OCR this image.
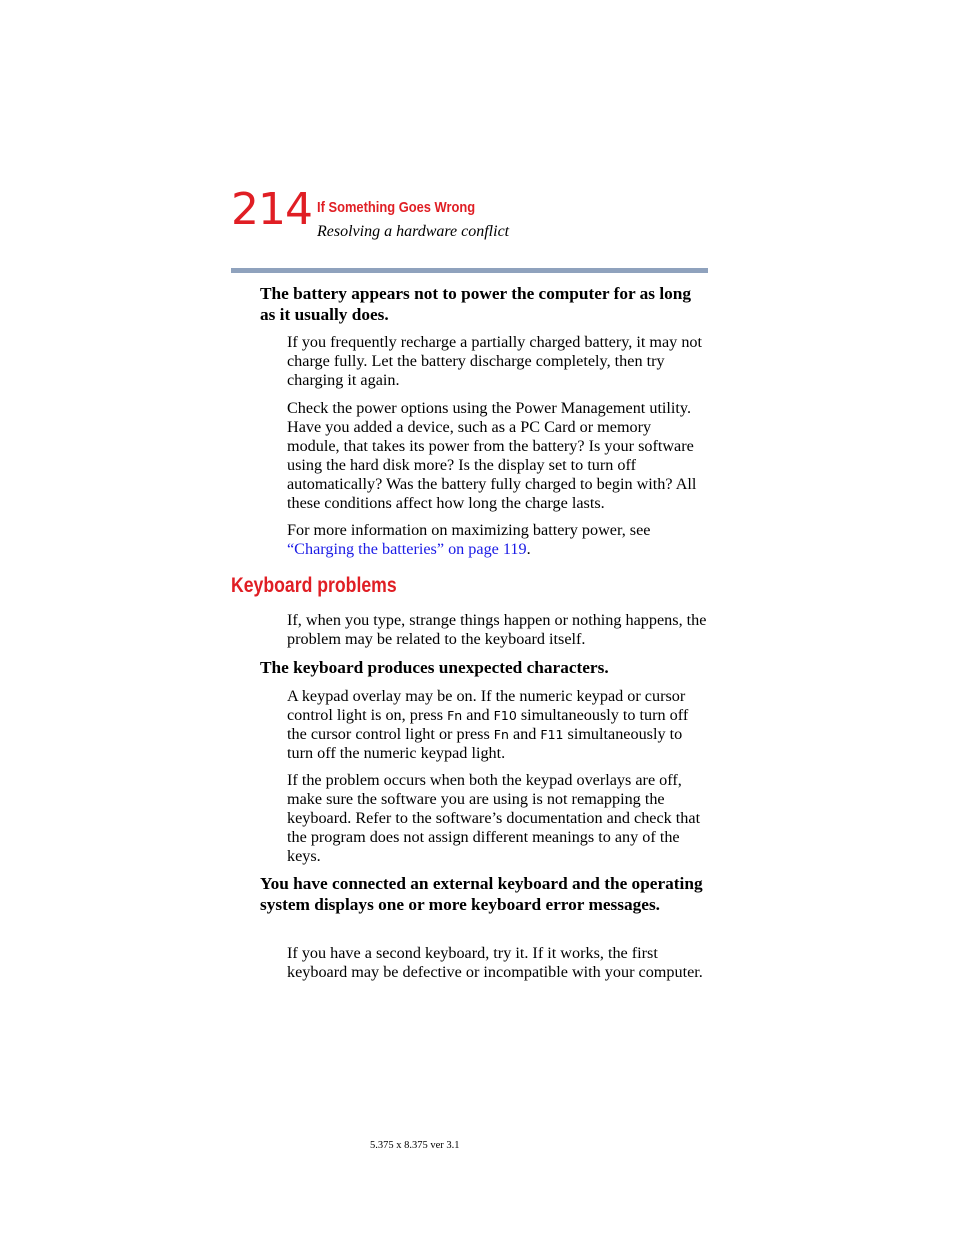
214 If Something Goes Wrong
Resolving a hardware conflict

The battery appears not to power the computer for as long as it usually does.

If you frequently recharge a partially charged battery, it may not charge fully. Let the battery discharge completely, then try charging it again.

Check the power options using the Power Management utility. Have you added a device, such as a PC Card or memory module, that takes its power from the battery? Is your software using the hard disk more? Is the display set to turn off automatically? Was the battery fully charged to begin with? All these conditions affect how long the charge lasts.

For more information on maximizing battery power, see “Charging the batteries” on page 119.

Keyboard problems

If, when you type, strange things happen or nothing happens, the problem may be related to the keyboard itself.

The keyboard produces unexpected characters.

A keypad overlay may be on. If the numeric keypad or cursor control light is on, press Fn and F10 simultaneously to turn off the cursor control light or press Fn and F11 simultaneously to turn off the numeric keypad light.

If the problem occurs when both the keypad overlays are off, make sure the software you are using is not remapping the keyboard. Refer to the software’s documentation and check that the program does not assign different meanings to any of the keys.

You have connected an external keyboard and the operating system displays one or more keyboard error messages.

If you have a second keyboard, try it. If it works, the first keyboard may be defective or incompatible with your computer.

5.375 x 8.375 ver 3.1
